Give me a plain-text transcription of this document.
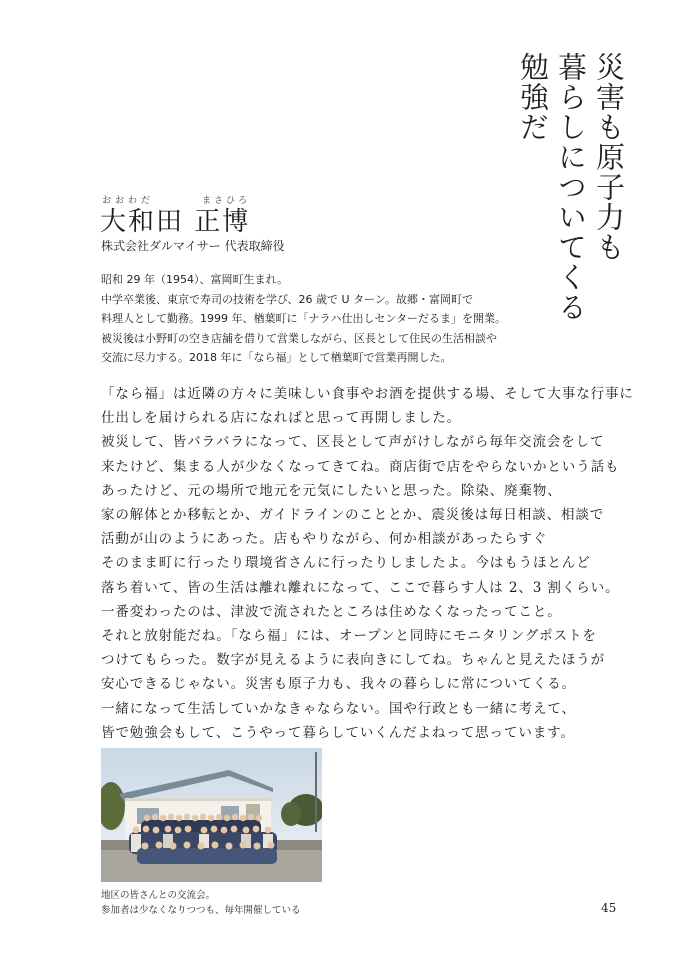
災害も原子力も
暮らしについてくる
勉強だ
おおわだ	まさひろ
大和田 正博
株式会社ダルマイサー 代表取締役
昭和 29 年（1954）、富岡町生まれ。
中学卒業後、東京で寿司の技術を学び、26 歳で U ターン。故郷・富岡町で
料理人として勤務。1999 年、楢葉町に「ナラハ仕出しセンターだるま」を開業。
被災後は小野町の空き店舗を借りて営業しながら、区長として住民の生活相談や
交流に尽力する。2018 年に「なら福」として楢葉町で営業再開した。
「なら福」は近隣の方々に美味しい食事やお酒を提供する場、そして大事な行事に
仕出しを届けられる店になればと思って再開しました。
被災して、皆バラバラになって、区長として声がけしながら毎年交流会をして
来たけど、集まる人が少なくなってきてね。商店街で店をやらないかという話も
あったけど、元の場所で地元を元気にしたいと思った。除染、廃棄物、
家の解体とか移転とか、ガイドラインのこととか、震災後は毎日相談、相談で
活動が山のようにあった。店もやりながら、何か相談があったらすぐ
そのまま町に行ったり環境省さんに行ったりしましたよ。今はもうほとんど
落ち着いて、皆の生活は離れ離れになって、ここで暮らす人は 2、3 割くらい。
一番変わったのは、津波で流されたところは住めなくなったってこと。
それと放射能だね。「なら福」には、オープンと同時にモニタリングポストを
つけてもらった。数字が見えるように表向きにしてね。ちゃんと見えたほうが
安心できるじゃない。災害も原子力も、我々の暮らしに常についてくる。
一緒になって生活していかなきゃならない。国や行政とも一緒に考えて、
皆で勉強会もして、こうやって暮らしていくんだよねって思っています。
地区の皆さんとの交流会。
参加者は少なくなりつつも、毎年開催している	45
